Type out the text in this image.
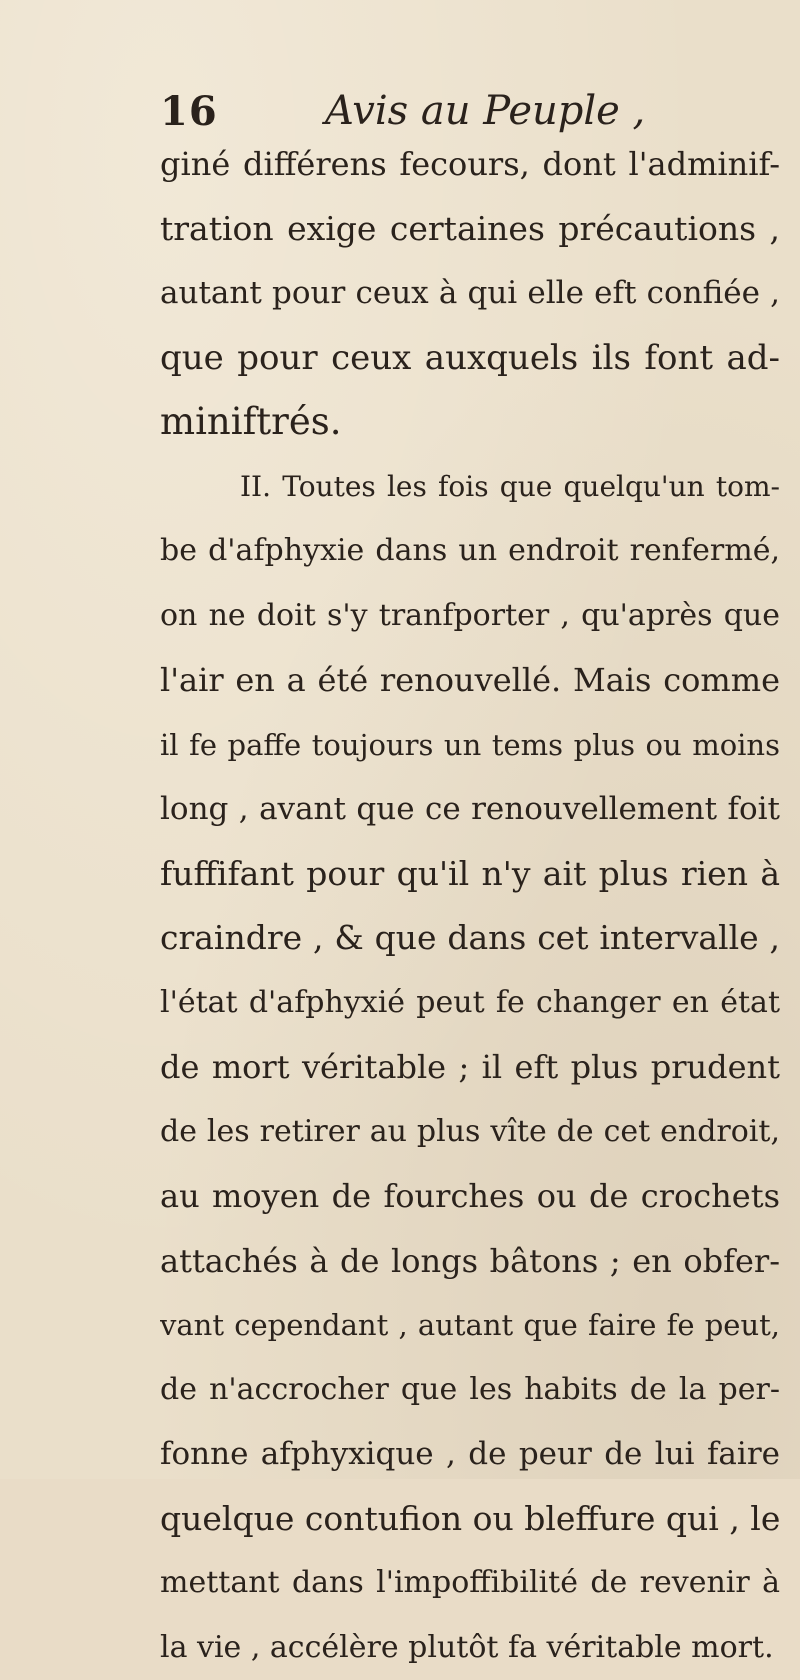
16	Avis au Peuple ,
giné différens fecours, dont l'adminif-
tration exige certaines précautions ,
autant pour ceux à qui elle eft confiée ,
que pour ceux auxquels ils font ad-
miniftrés.
II. Toutes les fois que quelqu'un tom-
be d'afphyxie dans un endroit renfermé,
on ne doit s'y tranfporter , qu'après que
l'air en a été renouvellé. Mais comme
il fe paffe toujours un tems plus ou moins
long , avant que ce renouvellement foit
fuffifant pour qu'il n'y ait plus rien à
craindre , & que dans cet intervalle ,
l'état d'afphyxié peut fe changer en état
de mort véritable ; il eft plus prudent
de les retirer au plus vîte de cet endroit,
au moyen de fourches ou de crochets
attachés à de longs bâtons ; en obfer-
vant cependant , autant que faire fe peut,
de n'accrocher que les habits de la per-
fonne afphyxique , de peur de lui faire
quelque contufion ou bleffure qui , le
mettant dans l'impoffibilité de revenir à
la vie , accélère plutôt fa véritable mort.
